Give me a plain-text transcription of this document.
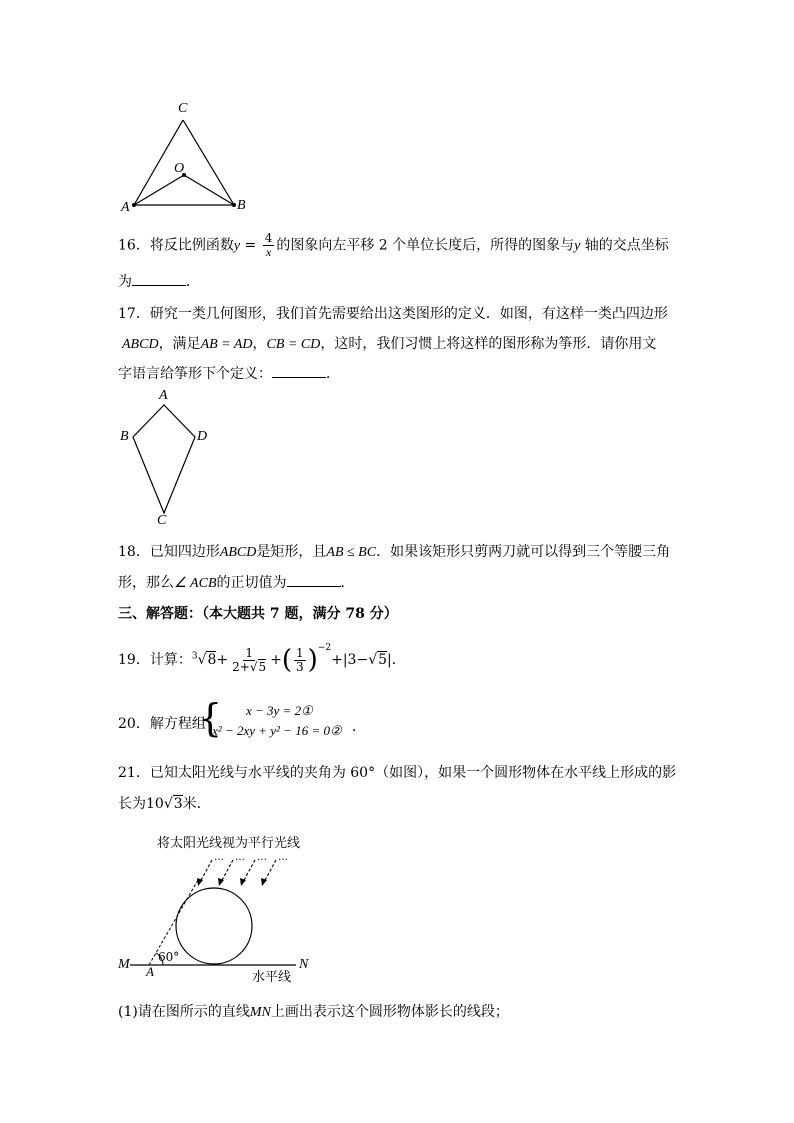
C
O
A	B
16．将反比例函数$y = \frac{4}{x}$ 的图象向左平移 2 个单位长度后，所得的图象与y 轴的交点坐标
为	．
17．研究一类几何图形，我们首先需要给出这类图形的定义．如图，有这样一类凸四边形
ABCD，满足AB = AD，CB = CD，这时，我们习惯上将这样的图形称为筝形．请你用文
字语言给筝形下个定义：	．
A
B	D
C
18．已知四边形ABCD是矩形，且AB ≤ BC．如果该矩形只剪两刀就可以得到三个等腰三角
形，那么∠ ACB的正切值为	．
三、解答题：（本大题共 7 题，满分 78 分）
19．计算：$^3√8+ \frac{1}{2+√5}$ +( $\frac{1}{3} )^{-2}+|3-√5|$．
20．解方程组
{ x − 3y = 2①
x² − 2xy + y² − 16 = 0② ．
21．已知太阳光线与水平线的夹角为 60°（如图），如果一个圆形物体在水平线上形成的影
长为10√3米．
将太阳光线视为平行光线
… … … …
M A
60°
水平线
N
(1)请在图所示的直线MN上画出表示这个圆形物体影长的线段；
